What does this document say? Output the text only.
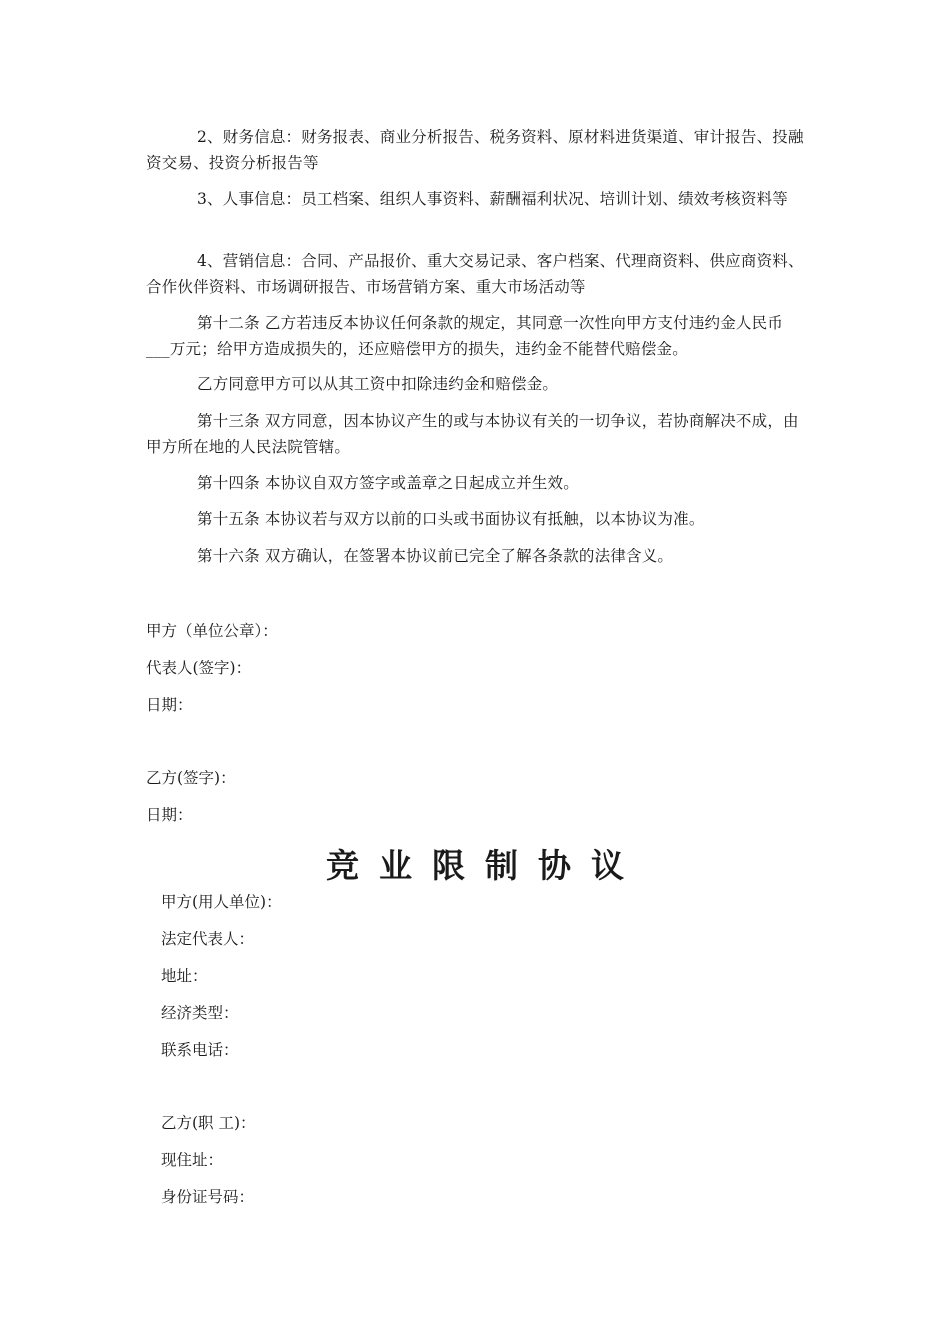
2、财务信息：财务报表、商业分析报告、税务资料、原材料进货渠道、审计报告、投融资交易、投资分析报告等

3、人事信息：员工档案、组织人事资料、薪酬福利状况、培训计划、绩效考核资料等

4、营销信息：合同、产品报价、重大交易记录、客户档案、代理商资料、供应商资料、合作伙伴资料、市场调研报告、市场营销方案、重大市场活动等

第十二条 乙方若违反本协议任何条款的规定，其同意一次性向甲方支付违约金人民币___万元；给甲方造成损失的，还应赔偿甲方的损失，违约金不能替代赔偿金。

乙方同意甲方可以从其工资中扣除违约金和赔偿金。

第十三条 双方同意，因本协议产生的或与本协议有关的一切争议，若协商解决不成，由甲方所在地的人民法院管辖。

第十四条 本协议自双方签字或盖章之日起成立并生效。

第十五条 本协议若与双方以前的口头或书面协议有抵触，以本协议为准。

第十六条 双方确认，在签署本协议前已完全了解各条款的法律含义。

甲方（单位公章）：

代表人(签字)：

日期：

乙方(签字)：

日期：

竞业限制协议

甲方(用人单位)：

法定代表人：

地址：

经济类型：

联系电话：

乙方(职 工)：

现住址：

身份证号码：
